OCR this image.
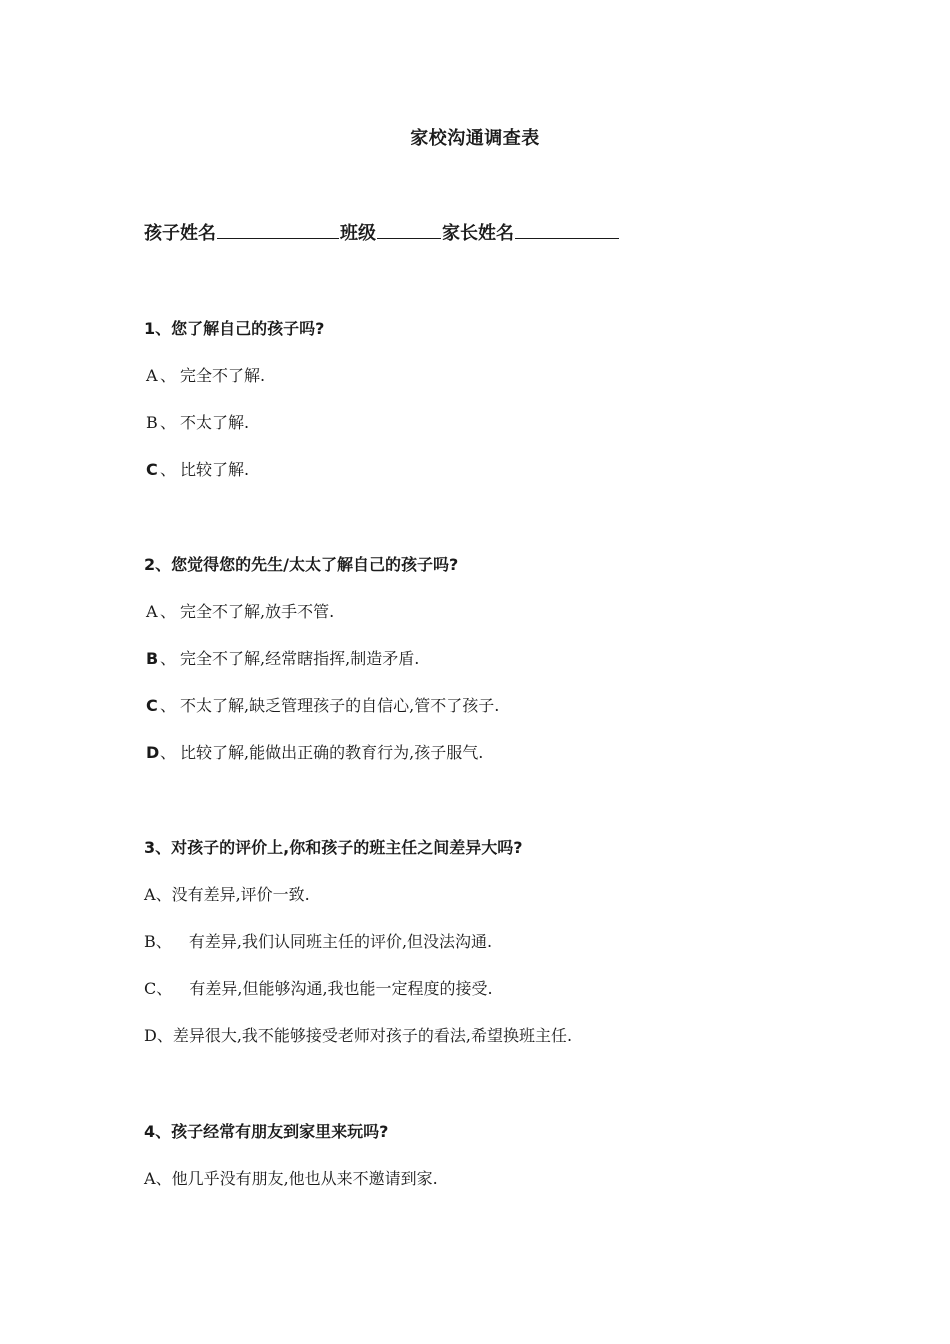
家校沟通调查表
孩子姓名	班级	家长姓名
1、您了解自己的孩子吗?
A 、 完全不了解.
B 、 不太了解.
C 、 比较了解.
2、您觉得您的先生/太太了解自己的孩子吗?
A 、 完全不了解,放手不管.
B 、 完全不了解,经常瞎指挥,制造矛盾.
C 、 不太了解,缺乏管理孩子的自信心,管不了孩子.
D、 比较了解,能做出正确的教育行为,孩子服气.
3、对孩子的评价上,你和孩子的班主任之间差异大吗?
A、没有差异,评价一致.
B、 有差异,我们认同班主任的评价,但没法沟通.
C、 有差异,但能够沟通,我也能一定程度的接受.
D、差异很大,我不能够接受老师对孩子的看法,希望换班主任.
4、孩子经常有朋友到家里来玩吗?
A、他几乎没有朋友,他也从来不邀请到家.
